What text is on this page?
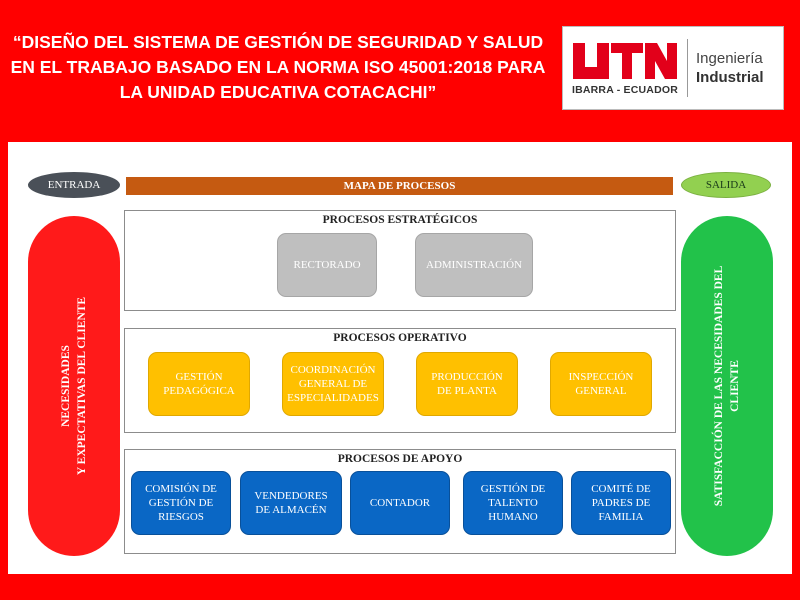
“DISEÑO DEL SISTEMA DE GESTIÓN DE SEGURIDAD Y SALUD
EN EL TRABAJO BASADO EN LA NORMA ISO 45001:2018 PARA
LA UNIDAD EDUCATIVA COTACACHI”	IBARRA - ECUADOR
Ingeniería
Industrial
ENTRADA	MAPA DE PROCESOS	SALIDA
NECESIDADES Y EXPECTATIVAS DEL CLIENTE	SATISFACCIÓN DE LAS NECESIDADES DEL CLIENTE
PROCESOS ESTRATÉGICOS
RECTORADO	ADMINISTRACIÓN
PROCESOS OPERATIVO
GESTIÓN
PEDAGÓGICA
COORDINACIÓN
GENERAL DE
ESPECIALIDADES
PRODUCCIÓN
DE PLANTA
INSPECCIÓN
GENERAL
PROCESOS DE APOYO
COMISIÓN DE
GESTIÓN DE
RIESGOS
VENDEDORES
DE ALMACÉN
CONTADOR
GESTIÓN DE
TALENTO
HUMANO
COMITÉ DE
PADRES DE
FAMILIA
